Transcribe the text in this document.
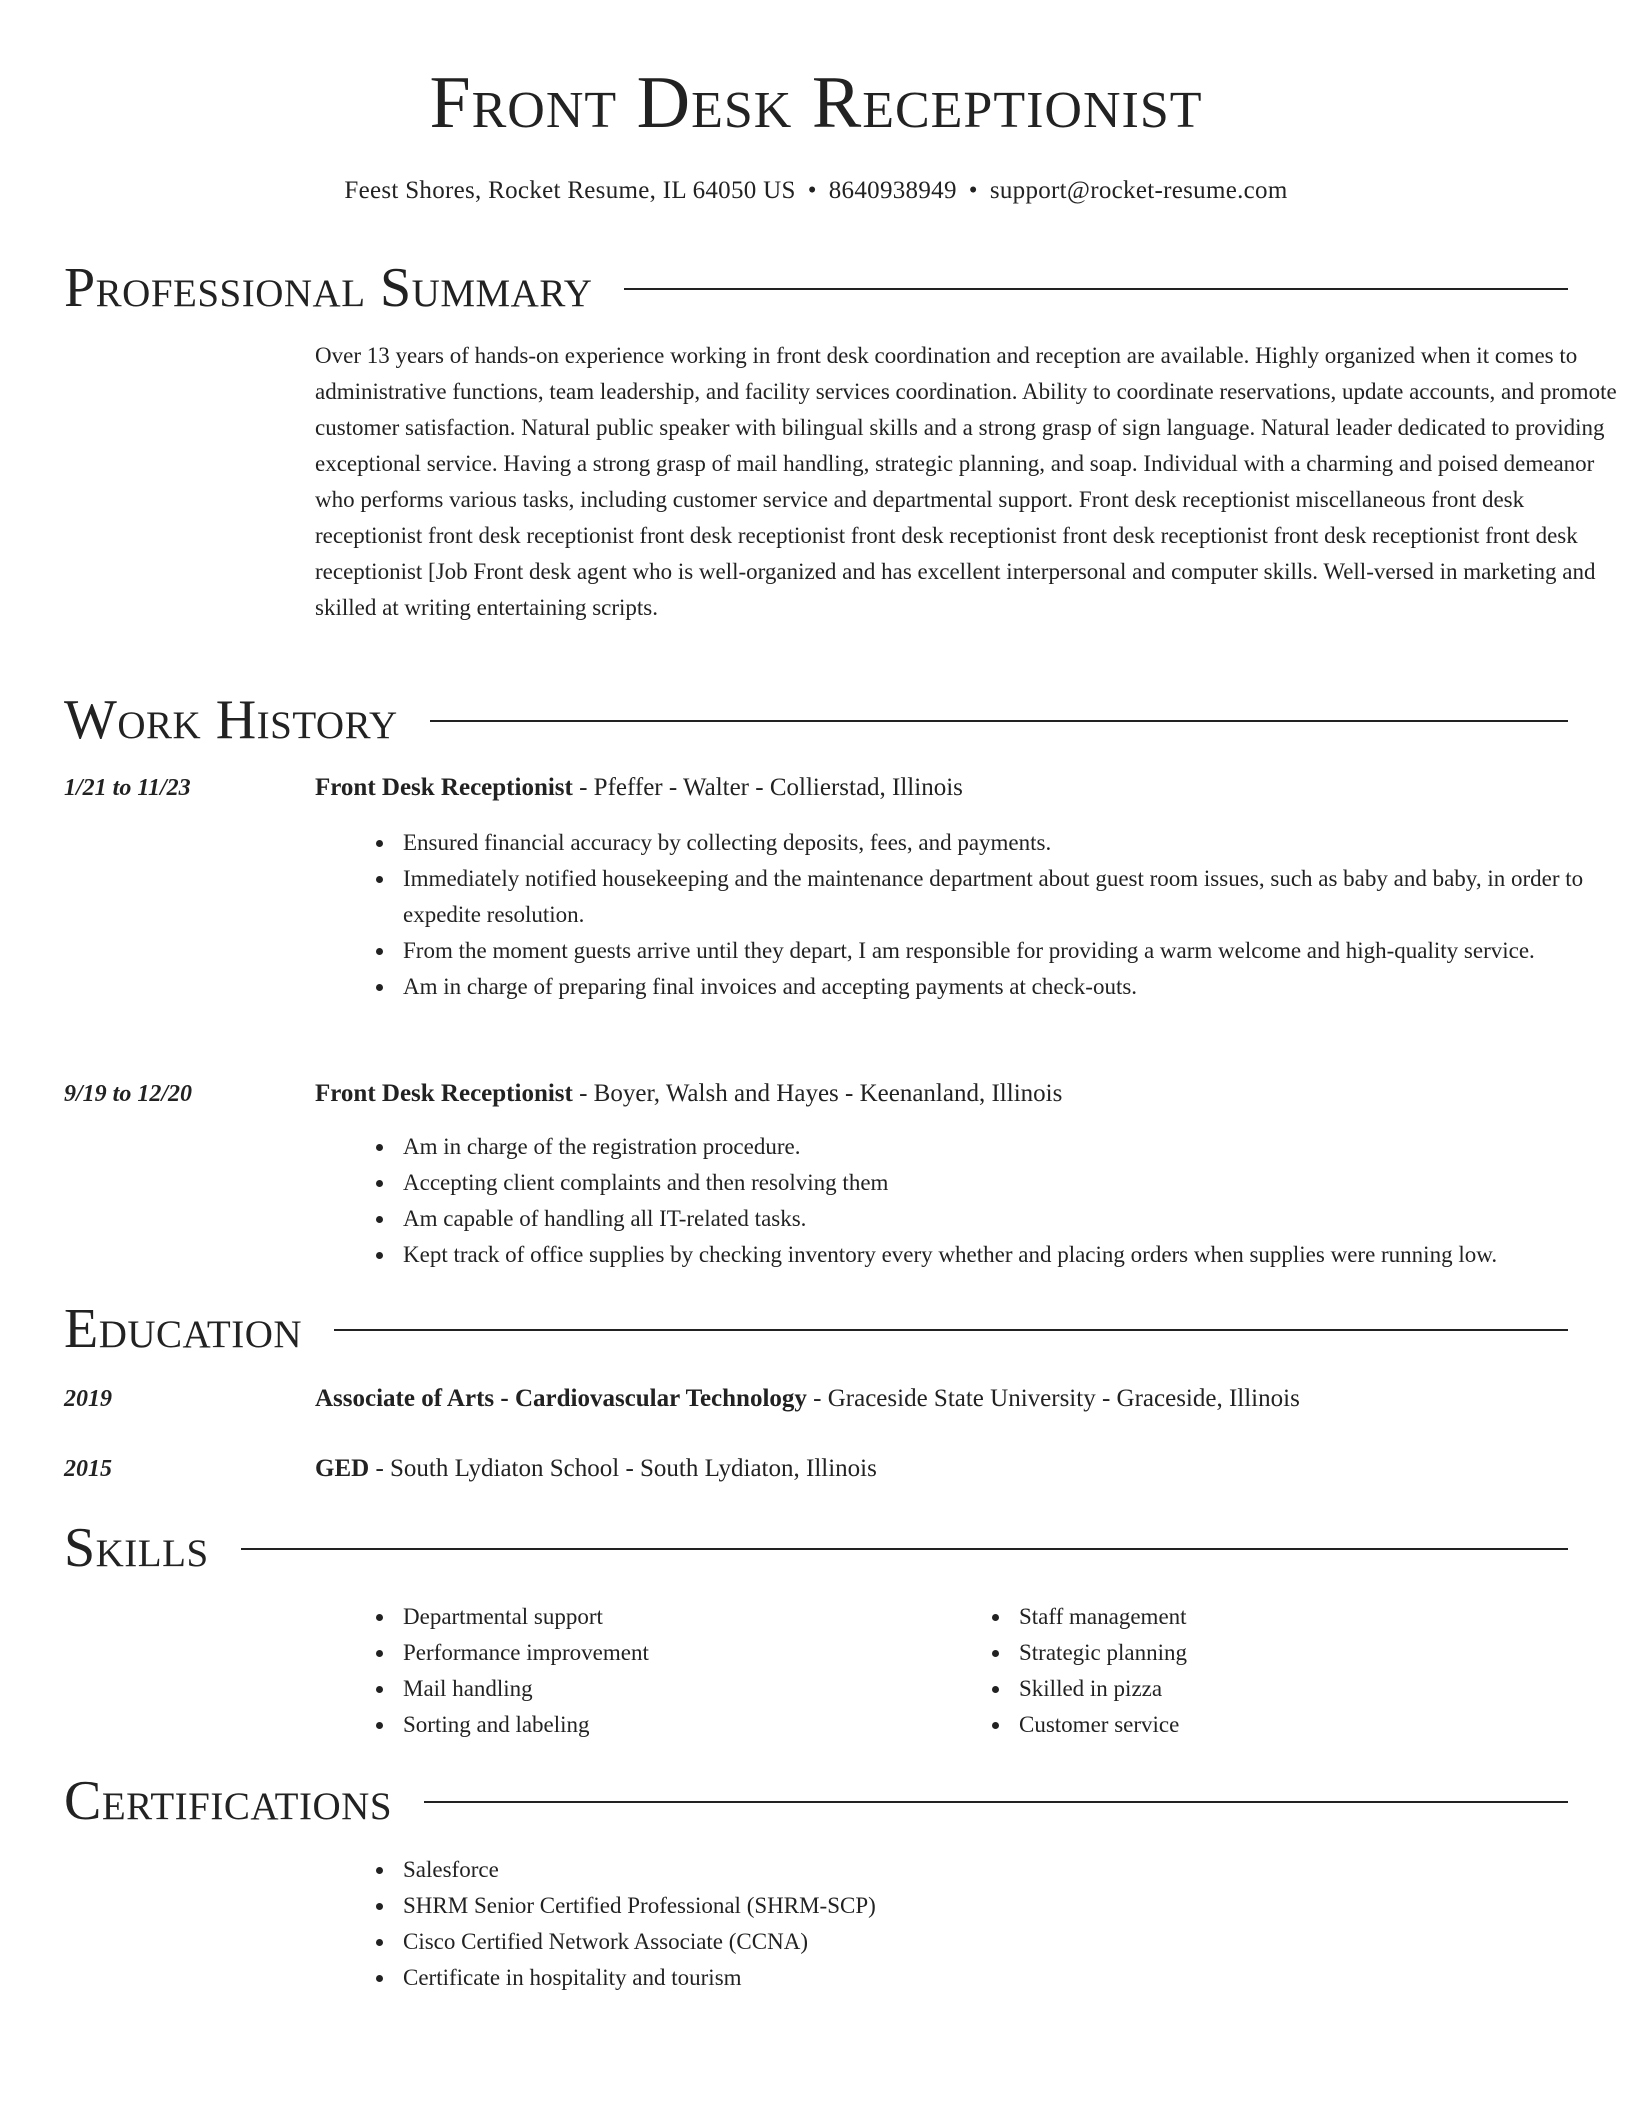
Front Desk Receptionist
Feest Shores, Rocket Resume, IL 64050 US • 8640938949 • support@rocket-resume.com
Professional Summary

Over 13 years of hands-on experience working in front desk coordination and reception are available. Highly organized when it comes to administrative functions, team leadership, and facility services coordination. Ability to coordinate reservations, update accounts, and promote customer satisfaction. Natural public speaker with bilingual skills and a strong grasp of sign language. Natural leader dedicated to providing exceptional service. Having a strong grasp of mail handling, strategic planning, and soap. Individual with a charming and poised demeanor who performs various tasks, including customer service and departmental support. Front desk receptionist miscellaneous front desk receptionist front desk receptionist front desk receptionist front desk receptionist front desk receptionist front desk receptionist front desk receptionist [Job Front desk agent who is well-organized and has excellent interpersonal and computer skills. Well-versed in marketing and skilled at writing entertaining scripts.

Work History
1/21 to 11/23	Front Desk Receptionist - Pfeffer - Walter - Collierstad, Illinois
Ensured financial accuracy by collecting deposits, fees, and payments.
Immediately notified housekeeping and the maintenance department about guest room issues, such as baby and baby, in order to expedite resolution.
From the moment guests arrive until they depart, I am responsible for providing a warm welcome and high-quality service.
Am in charge of preparing final invoices and accepting payments at check-outs.
9/19 to 12/20	Front Desk Receptionist - Boyer, Walsh and Hayes - Keenanland, Illinois
Am in charge of the registration procedure.
Accepting client complaints and then resolving them
Am capable of handling all IT-related tasks.
Kept track of office supplies by checking inventory every whether and placing orders when supplies were running low.
Education
2019	Associate of Arts - Cardiovascular Technology - Graceside State University - Graceside, Illinois
2015	GED - South Lydiaton School - South Lydiaton, Illinois
Skills
Departmental support
Performance improvement
Mail handling
Sorting and labeling
Staff management
Strategic planning
Skilled in pizza
Customer service
Certifications
Salesforce
SHRM Senior Certified Professional (SHRM-SCP)
Cisco Certified Network Associate (CCNA)
Certificate in hospitality and tourism
